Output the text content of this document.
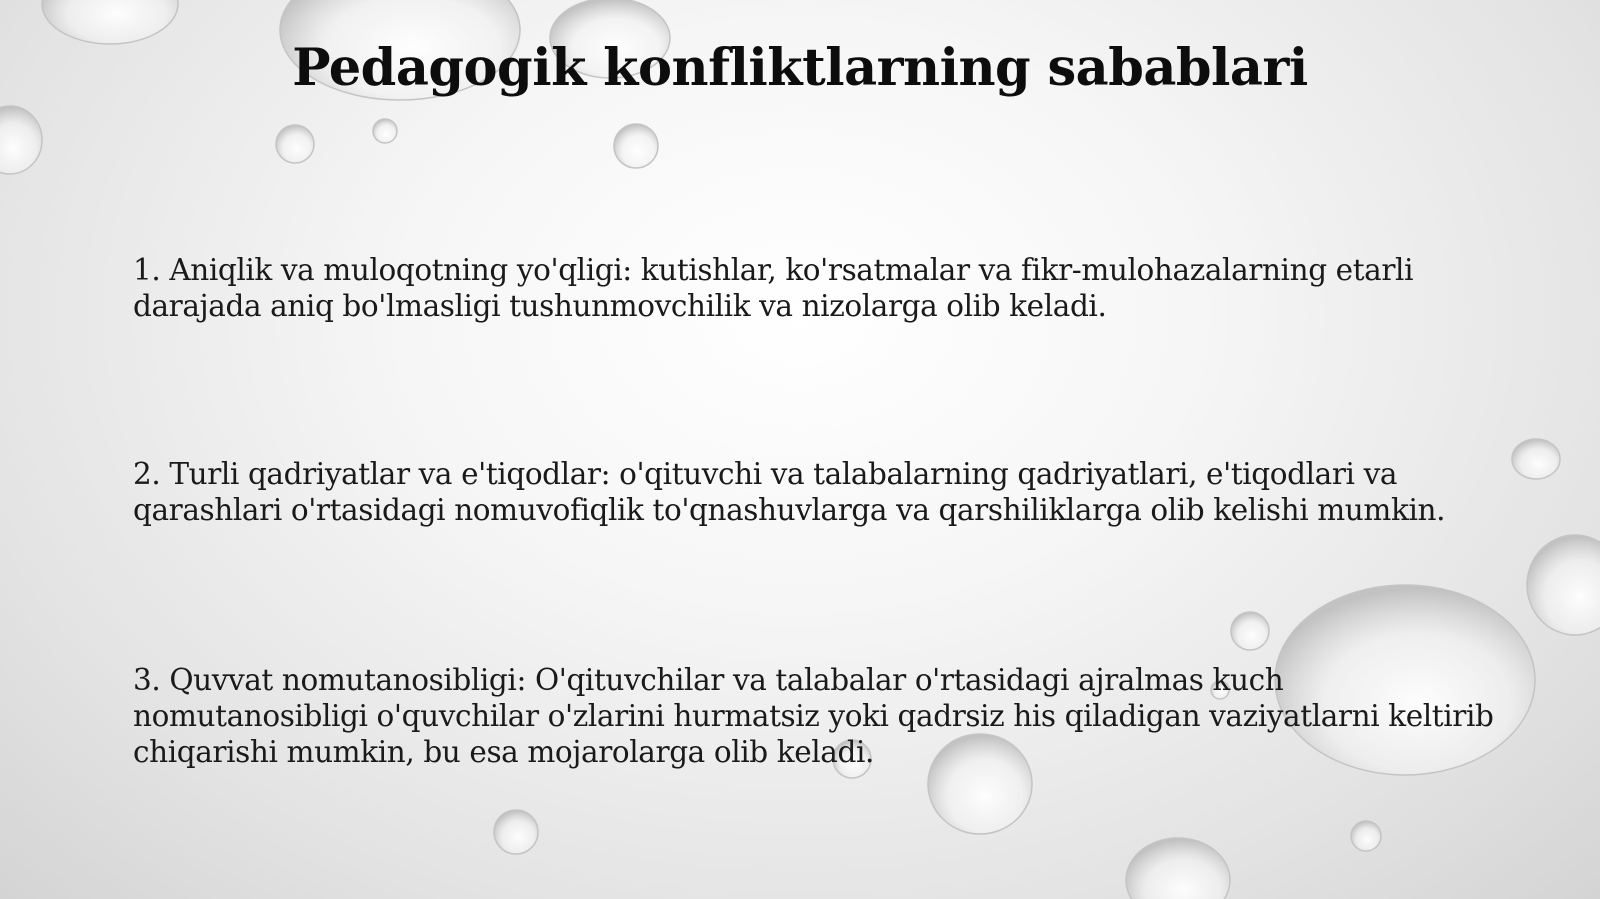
Pedagogik konfliktlarning sabablari

1. Aniqlik va muloqotning yo'qligi: kutishlar, ko'rsatmalar va fikr-mulohazalarning etarli darajada aniq bo'lmasligi tushunmovchilik va nizolarga olib keladi.

2. Turli qadriyatlar va e'tiqodlar: o'qituvchi va talabalarning qadriyatlari, e'tiqodlari va qarashlari o'rtasidagi nomuvofiqlik to'qnashuvlarga va qarshiliklarga olib kelishi mumkin.

3. Quvvat nomutanosibligi: O'qituvchilar va talabalar o'rtasidagi ajralmas kuch nomutanosibligi o'quvchilar o'zlarini hurmatsiz yoki qadrsiz his qiladigan vaziyatlarni keltirib chiqarishi mumkin, bu esa mojarolarga olib keladi.
